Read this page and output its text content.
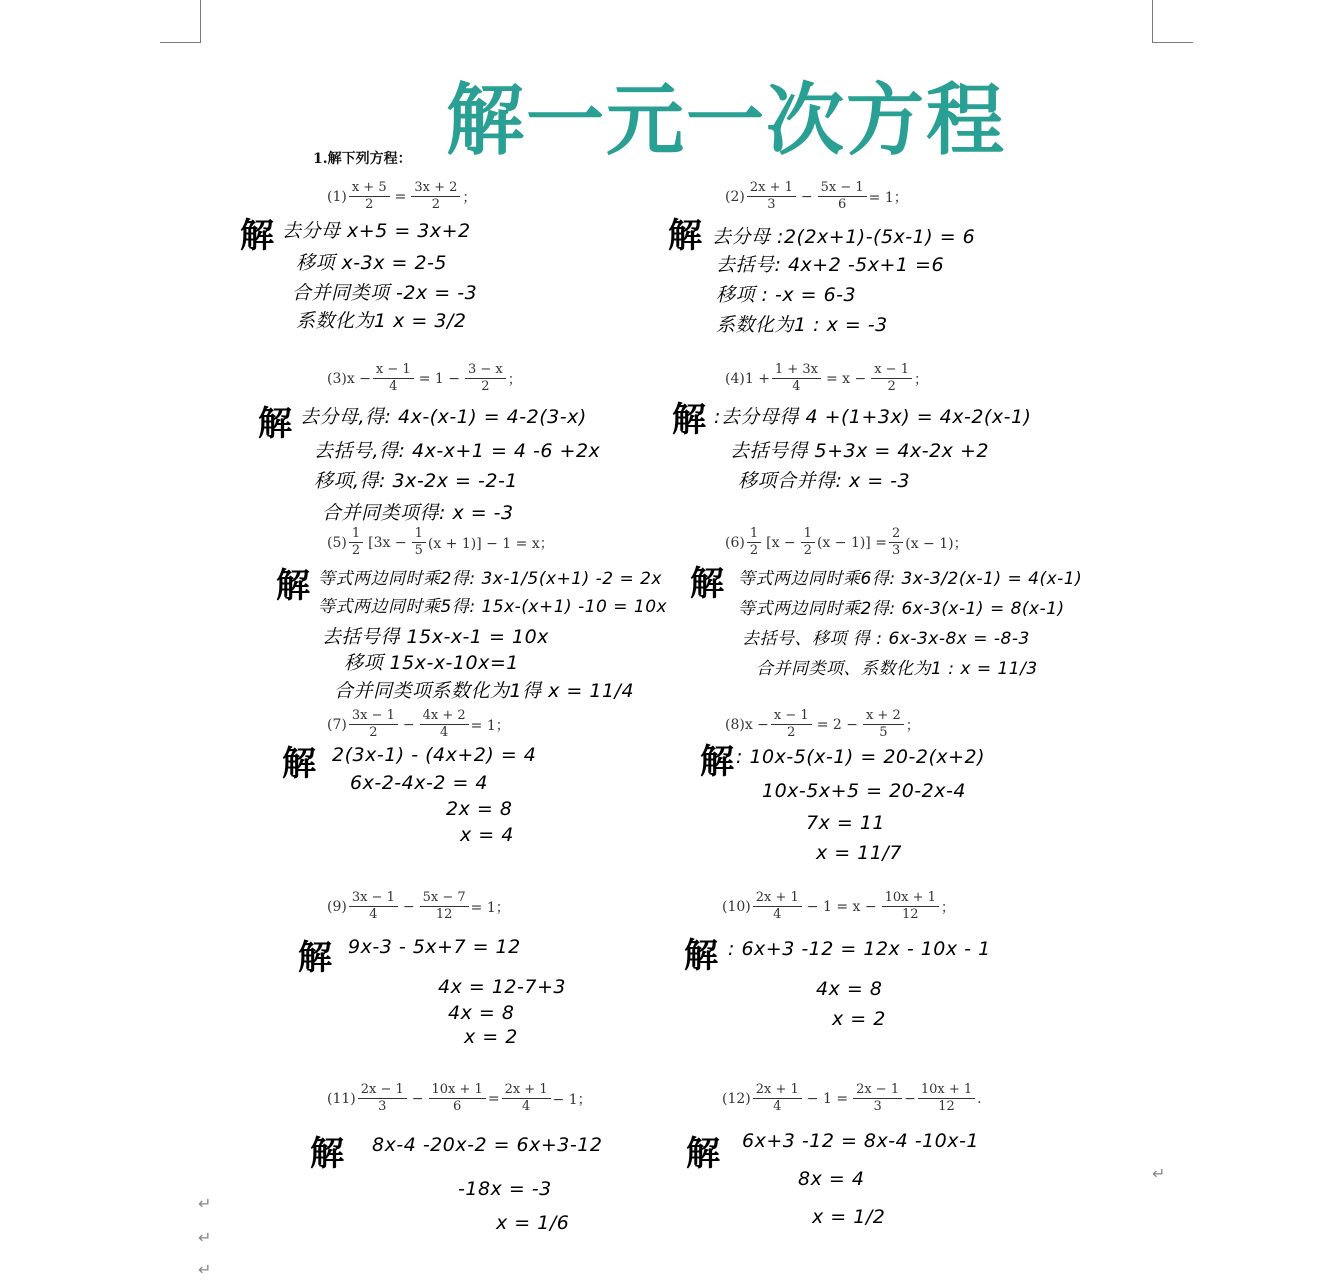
解一元一次方程
1.解下列方程：
$(1) \frac{x + 5}{2} = \frac{3x + 2}{2}$ ；	$(2) \frac{2x + 1}{3} - \frac{5x - 1}{6} = 1$；
$(3)x - \frac{x - 1}{4} = 1 - \frac{3 - x}{2}$ ；	$(4)1 + \frac{1 + 3x}{4} = x - \frac{x - 1}{2}$ ；
$(5) \frac{1}{2} [3x - \frac{1}{5} (x + 1)] - 1 = x$；	$(6) \frac{1}{2} [x - \frac{1}{2} (x - 1)] = \frac{2}{3} (x - 1)$；
$(7) \frac{3x - 1}{2} - \frac{4x + 2}{4} = 1$；	$(8)x - \frac{x - 1}{2} = 2 - \frac{x + 2}{5}$ ；
$(9) \frac{3x - 1}{4} - \frac{5x - 7}{12} = 1$；	$(10) \frac{2x + 1}{4} - 1 = x - \frac{10x + 1}{12}$ ；
$(11) \frac{2x - 1}{3} - \frac{10x + 1}{6} = \frac{2x + 1}{4} - 1$；	$(12) \frac{2x + 1}{4} - 1 = \frac{2x - 1}{3} - \frac{10x + 1}{12}$ .
解	解
解	解
解	解
解	解
解	解
解	解
去分母 x+5 = 3x+2
移项 x-3x = 2-5
合并同类项 -2x = -3
系数化为1 x = 3/2
去分母 :2(2x+1)-(5x-1) = 6
去括号: 4x+2 -5x+1 =6
移项 : -x = 6-3
系数化为1 : x = -3
去分母,得: 4x-(x-1) = 4-2(3-x)
去括号,得: 4x-x+1 = 4 -6 +2x
移项,得: 3x-2x = -2-1
合并同类项得: x = -3
:去分母得 4 +(1+3x) = 4x-2(x-1)
去括号得 5+3x = 4x-2x +2
移项合并得: x = -3
等式两边同时乘2得: 3x-1/5(x+1) -2 = 2x
等式两边同时乘5得: 15x-(x+1) -10 = 10x
去括号得 15x-x-1 = 10x
移项 15x-x-10x=1
合并同类项系数化为1得 x = 11/4
等式两边同时乘6得: 3x-3/2(x-1) = 4(x-1)
等式两边同时乘2得: 6x-3(x-1) = 8(x-1)
去括号、移项 得 : 6x-3x-8x = -8-3
合并同类项、系数化为1 : x = 11/3
2(3x-1) - (4x+2) = 4
6x-2-4x-2 = 4
2x = 8
x = 4
: 10x-5(x-1) = 20-2(x+2)
10x-5x+5 = 20-2x-4
7x = 11
x = 11/7
9x-3 - 5x+7 = 12
4x = 12-7+3
4x = 8
x = 2
: 6x+3 -12 = 12x - 10x - 1
4x = 8
x = 2
8x-4 -20x-2 = 6x+3-12
-18x = -3
x = 1/6
6x+3 -12 = 8x-4 -10x-1
8x = 4
x = 1/2
↵
↵
↵
↵
